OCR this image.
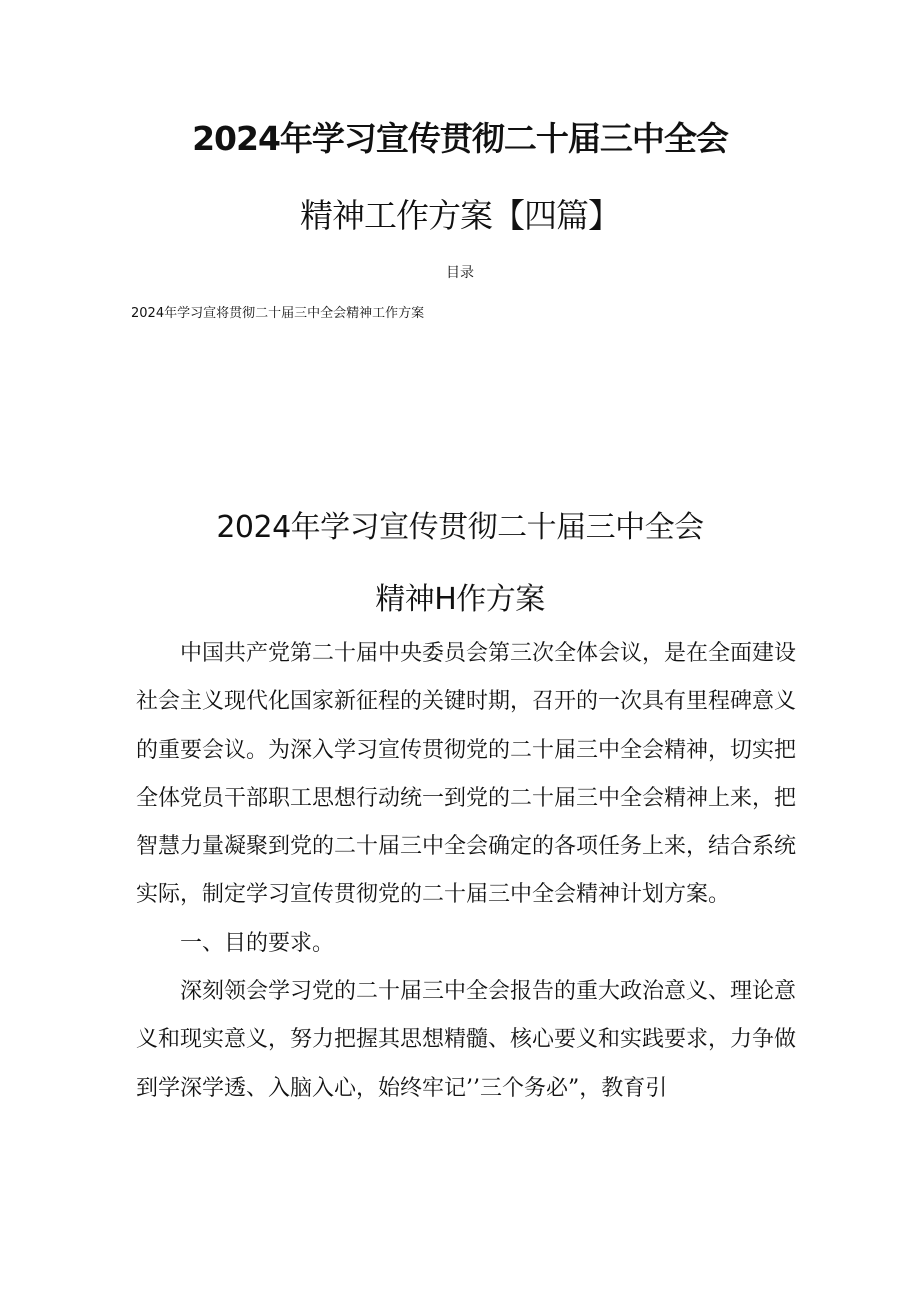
2024年学习宣传贯彻二十届三中全会
精神工作方案【四篇】
目录
2024年学习宣将贯彻二十届三中全会精神工作方案
2024年学习宣传贯彻二十届三中全会
精神H作方案

中国共产党第二十届中央委员会第三次全体会议，是在全面建设社会主义现代化国家新征程的关键时期，召开的一次具有里程碑意义的重要会议。为深入学习宣传贯彻党的二十届三中全会精神，切实把全体党员干部职工思想行动统一到党的二十届三中全会精神上来，把智慧力量凝聚到党的二十届三中全会确定的各项任务上来，结合系统实际，制定学习宣传贯彻党的二十届三中全会精神计划方案。

一、目的要求。

深刻领会学习党的二十届三中全会报告的重大政治意义、理论意义和现实意义，努力把握其思想精髓、核心要义和实践要求，力争做到学深学透、入脑入心，始终牢记’’三个务必”，教育引
